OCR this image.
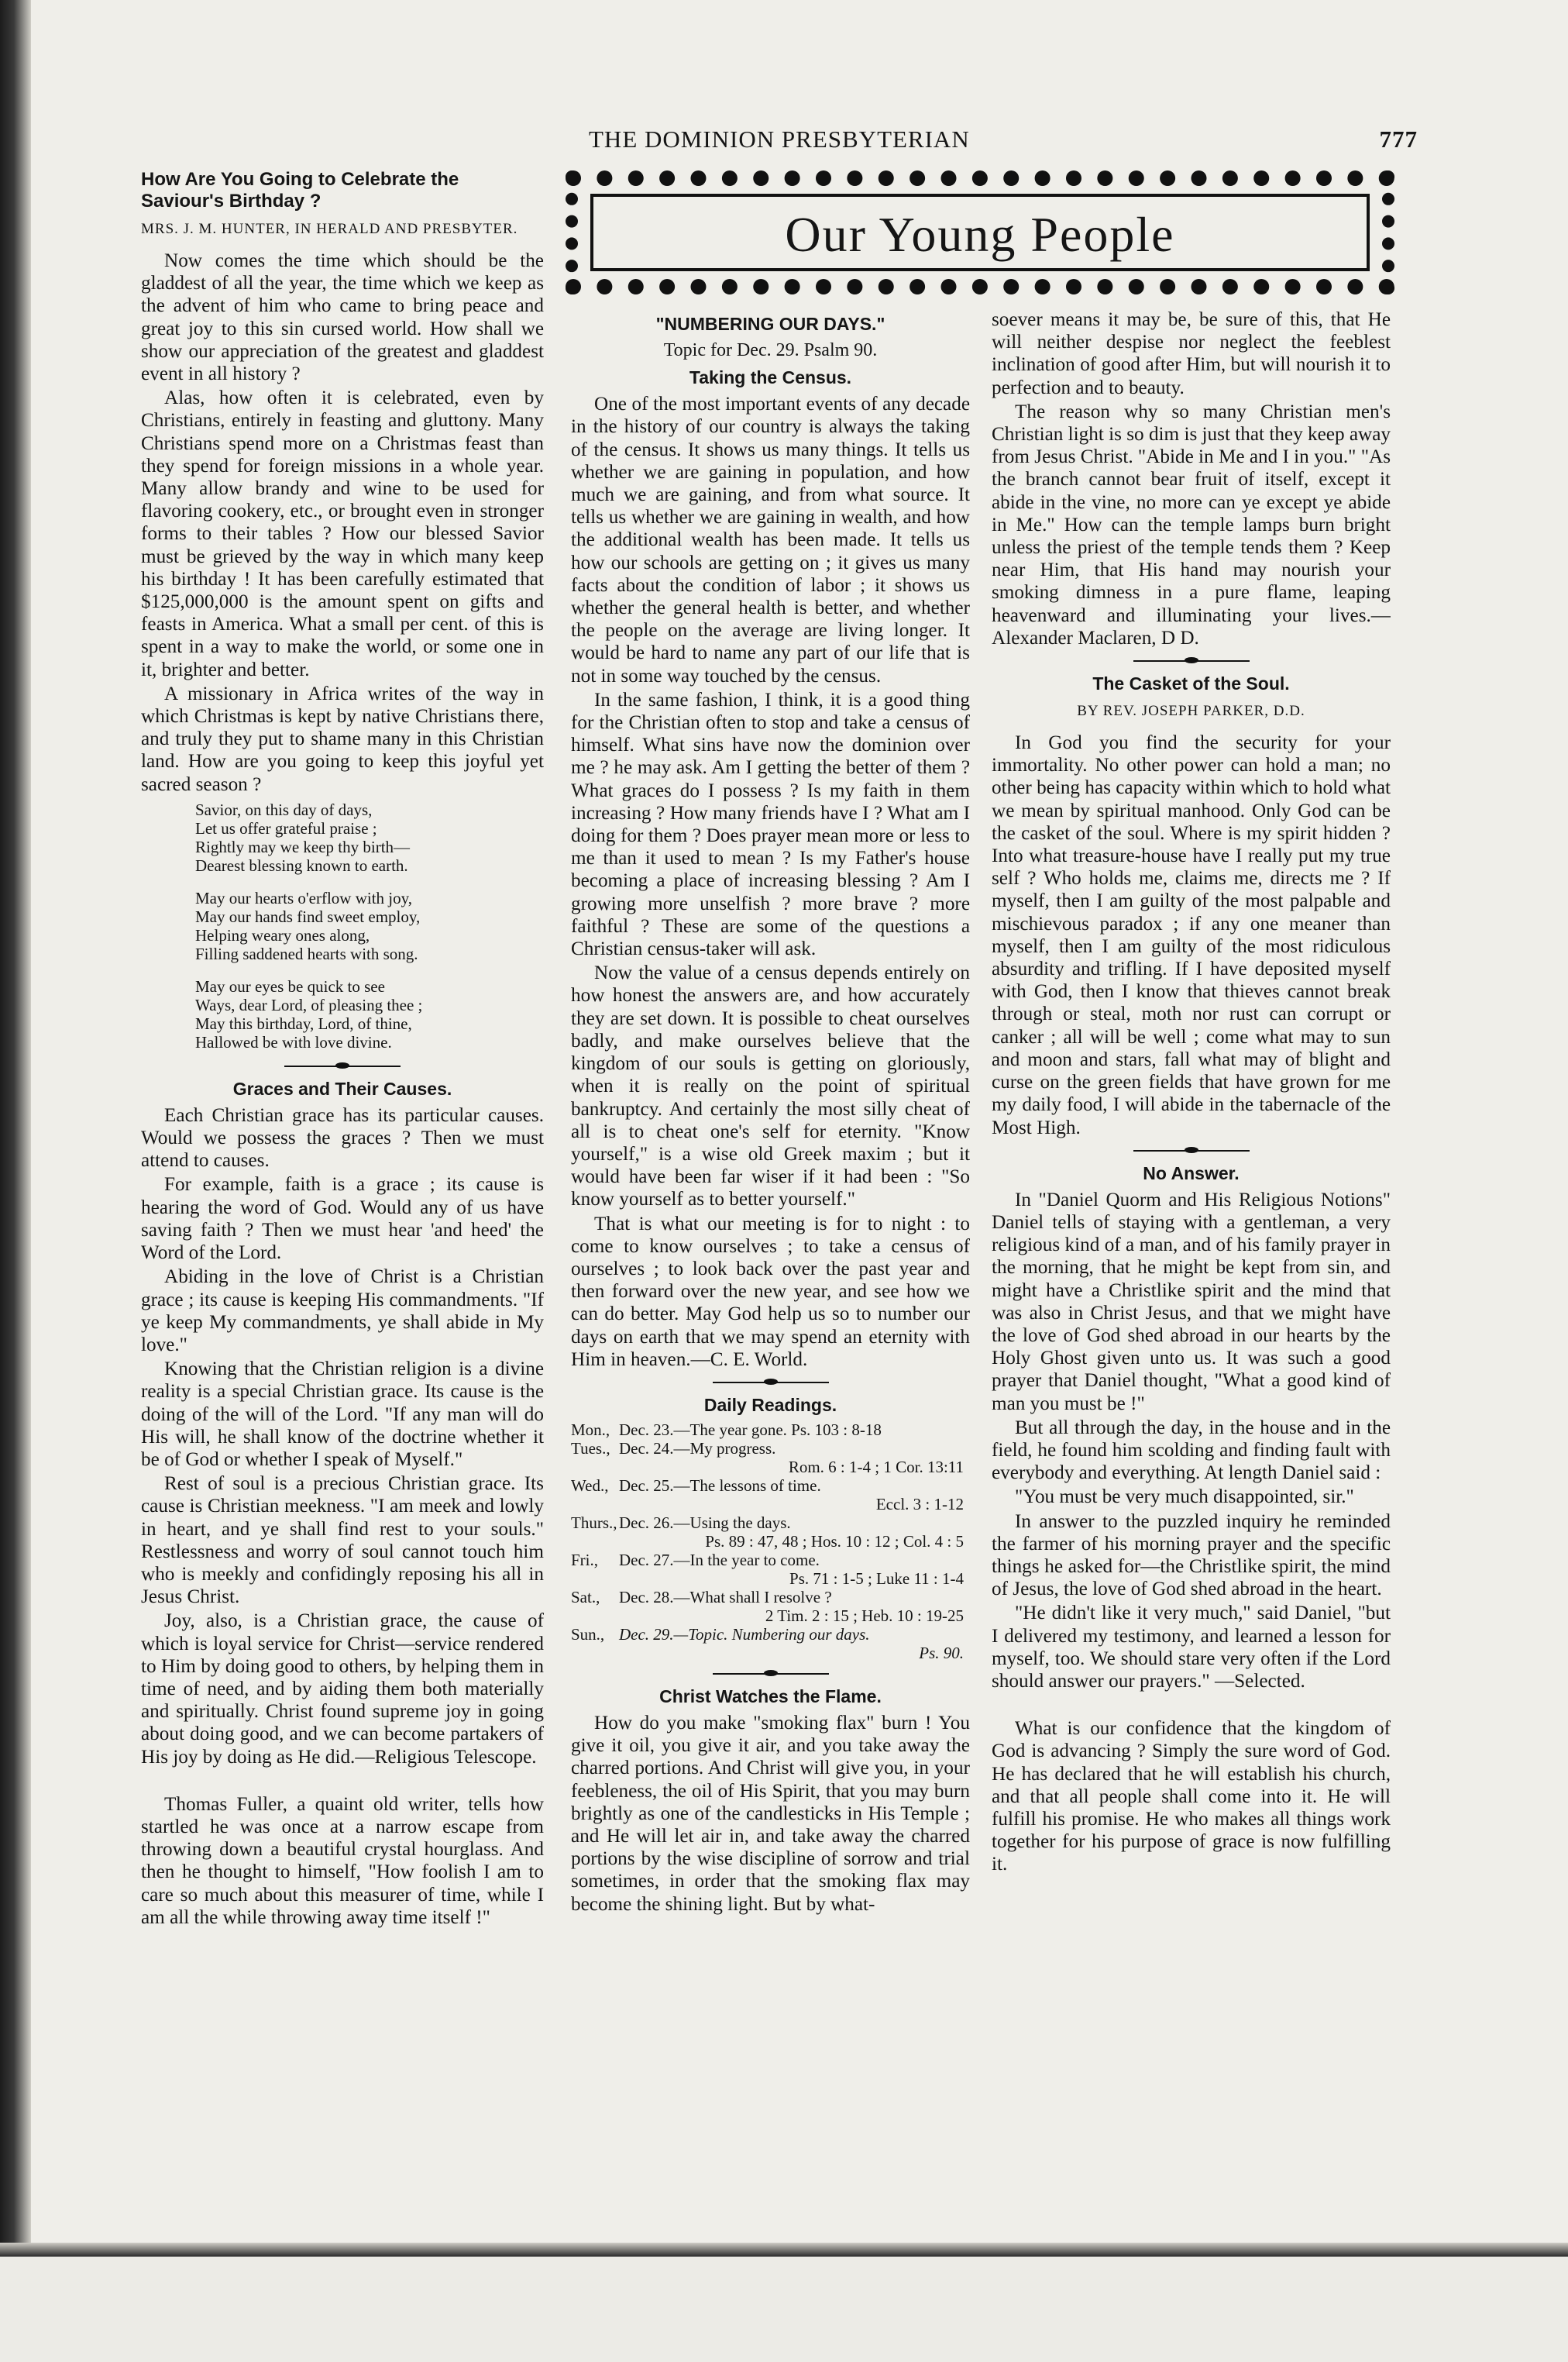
THE DOMINION PRESBYTERIAN	777
Our Young People
How Are You Going to Celebrate the Saviour's Birthday ?
MRS. J. M. HUNTER, IN HERALD AND PRESBYTER.

Now comes the time which should be the gladdest of all the year, the time which we keep as the advent of him who came to bring peace and great joy to this sin cursed world. How shall we show our appreciation of the greatest and gladdest event in all history ?

Alas, how often it is celebrated, even by Christians, entirely in feasting and gluttony. Many Christians spend more on a Christmas feast than they spend for foreign missions in a whole year. Many allow brandy and wine to be used for flavoring cookery, etc., or brought even in stronger forms to their tables ? How our blessed Savior must be grieved by the way in which many keep his birthday ! It has been carefully estimated that $125,000,000 is the amount spent on gifts and feasts in America. What a small per cent. of this is spent in a way to make the world, or some one in it, brighter and better.

A missionary in Africa writes of the way in which Christmas is kept by native Christians there, and truly they put to shame many in this Christian land. How are you going to keep this joyful yet sacred season ?

Savior, on this day of days,
Let us offer grateful praise ;
Rightly may we keep thy birth—
Dearest blessing known to earth.
May our hearts o'erflow with joy,
May our hands find sweet employ,
Helping weary ones along,
Filling saddened hearts with song.
May our eyes be quick to see
Ways, dear Lord, of pleasing thee ;
May this birthday, Lord, of thine,
Hallowed be with love divine.
Graces and Their Causes.

Each Christian grace has its particular causes. Would we possess the graces ? Then we must attend to causes.

For example, faith is a grace ; its cause is hearing the word of God. Would any of us have saving faith ? Then we must hear 'and heed' the Word of the Lord.

Abiding in the love of Christ is a Christian grace ; its cause is keeping His commandments. "If ye keep My commandments, ye shall abide in My love."

Knowing that the Christian religion is a divine reality is a special Christian grace. Its cause is the doing of the will of the Lord. "If any man will do His will, he shall know of the doctrine whether it be of God or whether I speak of Myself."

Rest of soul is a precious Christian grace. Its cause is Christian meekness. "I am meek and lowly in heart, and ye shall find rest to your souls." Restlessness and worry of soul cannot touch him who is meekly and confidingly reposing his all in Jesus Christ.

Joy, also, is a Christian grace, the cause of which is loyal service for Christ—service rendered to Him by doing good to others, by helping them in time of need, and by aiding them both materially and spiritually. Christ found supreme joy in going about doing good, and we can become partakers of His joy by doing as He did.—Religious Telescope.

Thomas Fuller, a quaint old writer, tells how startled he was once at a narrow escape from throwing down a beautiful crystal hourglass. And then he thought to himself, "How foolish I am to care so much about this measurer of time, while I am all the while throwing away time itself !"

"NUMBERING OUR DAYS."
Topic for Dec. 29. Psalm 90.
Taking the Census.

One of the most important events of any decade in the history of our country is always the taking of the census. It shows us many things. It tells us whether we are gaining in population, and how much we are gaining, and from what source. It tells us whether we are gaining in wealth, and how the additional wealth has been made. It tells us how our schools are getting on ; it gives us many facts about the condition of labor ; it shows us whether the general health is better, and whether the people on the average are living longer. It would be hard to name any part of our life that is not in some way touched by the census.

In the same fashion, I think, it is a good thing for the Christian often to stop and take a census of himself. What sins have now the dominion over me ? he may ask. Am I getting the better of them ? What graces do I possess ? Is my faith in them increasing ? How many friends have I ? What am I doing for them ? Does prayer mean more or less to me than it used to mean ? Is my Father's house becoming a place of increasing blessing ? Am I growing more unselfish ? more brave ? more faithful ? These are some of the questions a Christian census-taker will ask.

Now the value of a census depends entirely on how honest the answers are, and how accurately they are set down. It is possible to cheat ourselves badly, and make ourselves believe that the kingdom of our souls is getting on gloriously, when it is really on the point of spiritual bankruptcy. And certainly the most silly cheat of all is to cheat one's self for eternity. "Know yourself," is a wise old Greek maxim ; but it would have been far wiser if it had been : "So know yourself as to better yourself."

That is what our meeting is for to night : to come to know ourselves ; to take a census of ourselves ; to look back over the past year and then forward over the new year, and see how we can do better. May God help us so to number our days on earth that we may spend an eternity with Him in heaven.—C. E. World.

Daily Readings.
Mon.,	Dec. 23.—The year gone. Ps. 103 : 8-18

Tues.,	Dec. 24.—My progress.
Rom. 6 : 1-4 ; 1 Cor. 13:11

Wed.,	Dec. 25.—The lessons of time.
Eccl. 3 : 1-12

Thurs.,	Dec. 26.—Using the days.
Ps. 89 : 47, 48 ; Hos. 10 : 12 ; Col. 4 : 5

Fri.,	Dec. 27.—In the year to come.
Ps. 71 : 1-5 ; Luke 11 : 1-4

Sat.,	Dec. 28.—What shall I resolve ?
2 Tim. 2 : 15 ; Heb. 10 : 19-25

Sun.,	Dec. 29.—Topic. Numbering our days.
Ps. 90.
Christ Watches the Flame.

How do you make "smoking flax" burn ! You give it oil, you give it air, and you take away the charred portions. And Christ will give you, in your feebleness, the oil of His Spirit, that you may burn brightly as one of the candlesticks in His Temple ; and He will let air in, and take away the charred portions by the wise discipline of sorrow and trial sometimes, in order that the smoking flax may become the shining light. But by what-

soever means it may be, be sure of this, that He will neither despise nor neglect the feeblest inclination of good after Him, but will nourish it to perfection and to beauty.

The reason why so many Christian men's Christian light is so dim is just that they keep away from Jesus Christ. "Abide in Me and I in you." "As the branch cannot bear fruit of itself, except it abide in the vine, no more can ye except ye abide in Me." How can the temple lamps burn bright unless the priest of the temple tends them ? Keep near Him, that His hand may nourish your smoking dimness in a pure flame, leaping heavenward and illuminating your lives.—Alexander Maclaren, D D.

The Casket of the Soul.
BY REV. JOSEPH PARKER, D.D.

In God you find the security for your immortality. No other power can hold a man; no other being has capacity within which to hold what we mean by spiritual manhood. Only God can be the casket of the soul. Where is my spirit hidden ? Into what treasure-house have I really put my true self ? Who holds me, claims me, directs me ? If myself, then I am guilty of the most palpable and mischievous paradox ; if any one meaner than myself, then I am guilty of the most ridiculous absurdity and trifling. If I have deposited myself with God, then I know that thieves cannot break through or steal, moth nor rust can corrupt or canker ; all will be well ; come what may to sun and moon and stars, fall what may of blight and curse on the green fields that have grown for me my daily food, I will abide in the tabernacle of the Most High.

No Answer.

In "Daniel Quorm and His Religious Notions" Daniel tells of staying with a gentleman, a very religious kind of a man, and of his family prayer in the morning, that he might be kept from sin, and might have a Christlike spirit and the mind that was also in Christ Jesus, and that we might have the love of God shed abroad in our hearts by the Holy Ghost given unto us. It was such a good prayer that Daniel thought, "What a good kind of man you must be !"

But all through the day, in the house and in the field, he found him scolding and finding fault with everybody and everything. At length Daniel said :

"You must be very much disappointed, sir."

In answer to the puzzled inquiry he reminded the farmer of his morning prayer and the specific things he asked for—the Christlike spirit, the mind of Jesus, the love of God shed abroad in the heart.

"He didn't like it very much," said Daniel, "but I delivered my testimony, and learned a lesson for myself, too. We should stare very often if the Lord should answer our prayers." —Selected.

What is our confidence that the kingdom of God is advancing ? Simply the sure word of God. He has declared that he will establish his church, and that all people shall come into it. He will fulfill his promise. He who makes all things work together for his purpose of grace is now fulfilling it.
